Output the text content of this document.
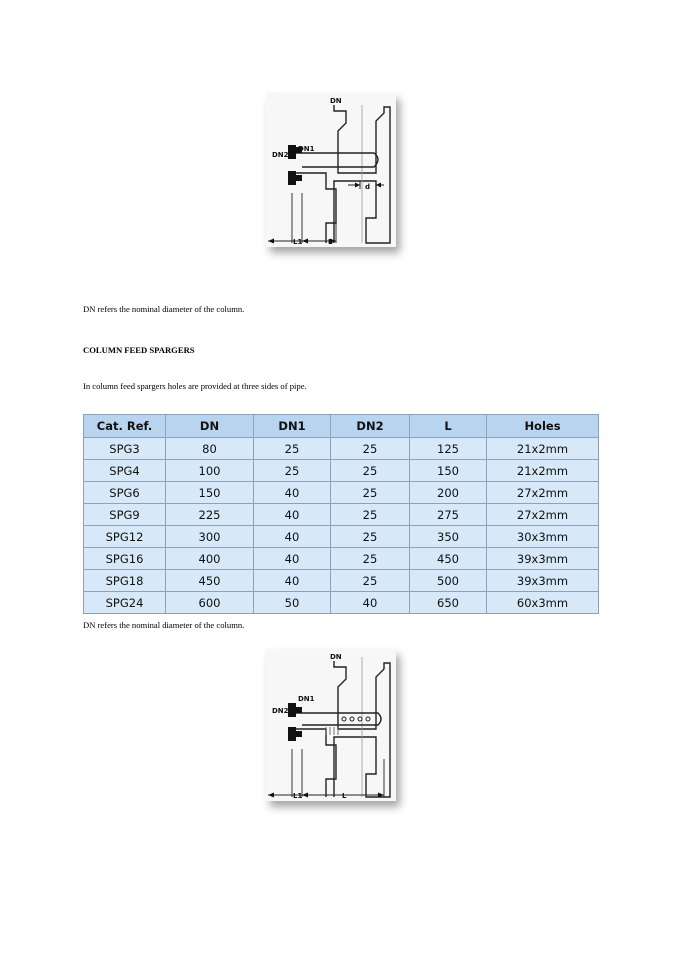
DN
DN1
DN2
d
L1	L
DN refers the nominal diameter of the column.
COLUMN FEED SPARGERS
In column feed spargers holes are provided at three sides of pipe.
Cat. Ref.	DN	DN1	DN2	L	Holes
SPG3	80	25	25	125	21x2mm
SPG4	100	25	25	150	21x2mm
SPG6	150	40	25	200	27x2mm
SPG9	225	40	25	275	27x2mm
SPG12	300	40	25	350	30x3mm
SPG16	400	40	25	450	39x3mm
SPG18	450	40	25	500	39x3mm
SPG24	600	50	40	650	60x3mm
DN refers the nominal diameter of the column.
DN
DN1
DN2
L1	L
